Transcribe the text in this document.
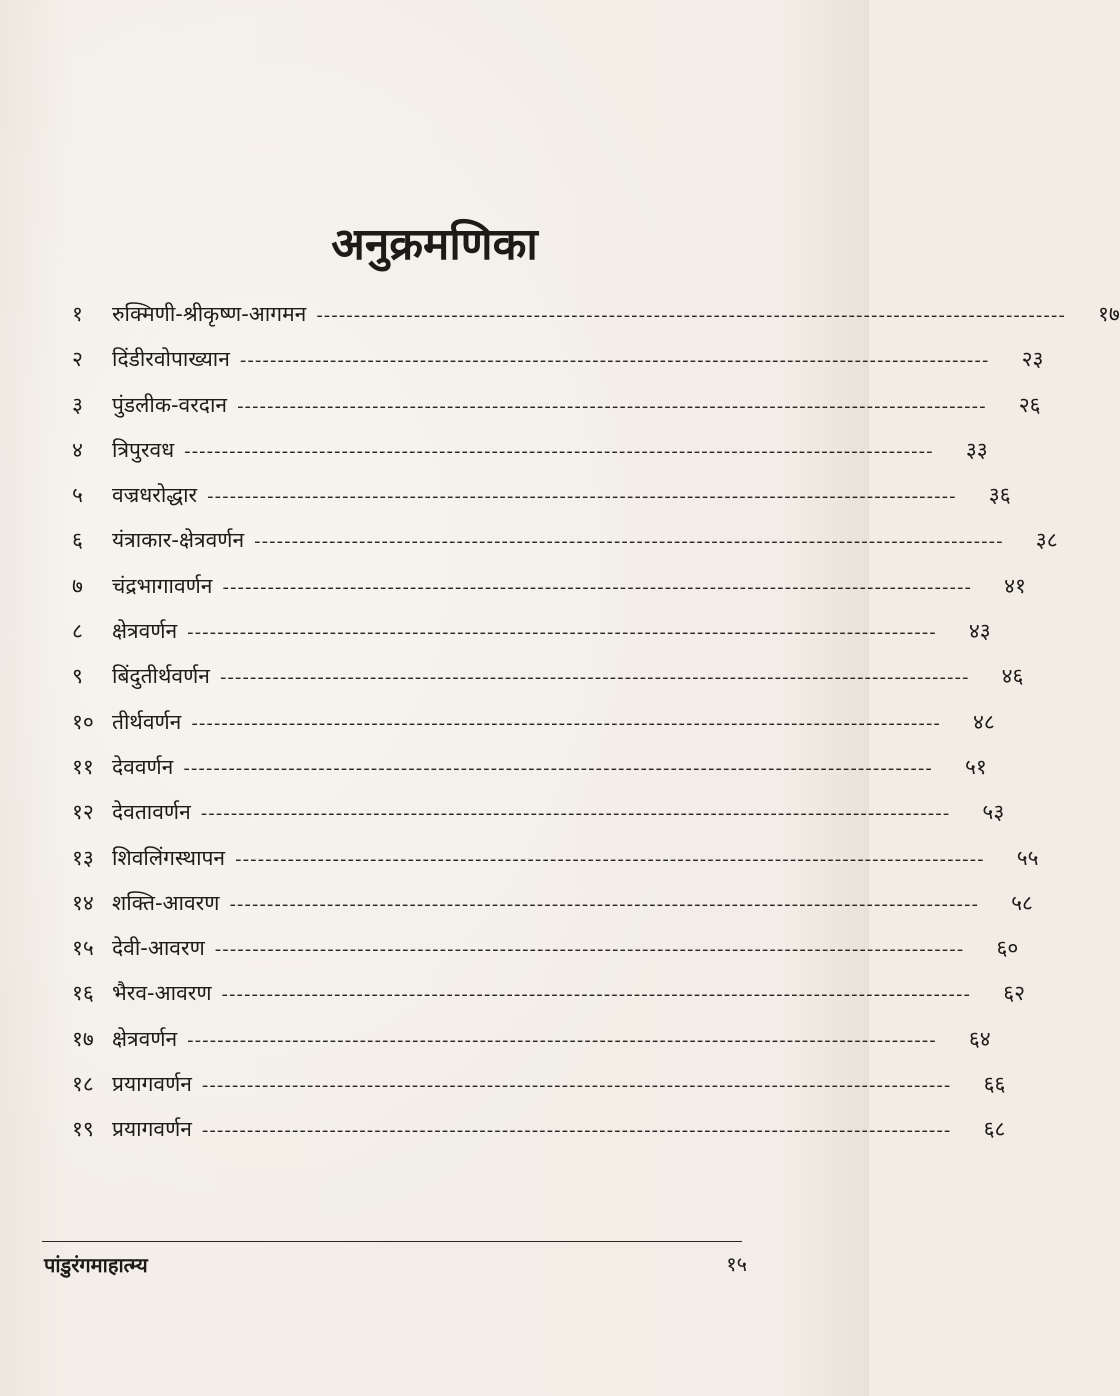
अनुक्रमणिका
१	रुक्मिणी-श्रीकृष्ण-आगमन ----------------------------------------------------------------------------------------------------	१७
२	दिंडीरवोपाख्यान ----------------------------------------------------------------------------------------------------	२३
३	पुंडलीक-वरदान ----------------------------------------------------------------------------------------------------	२६
४	त्रिपुरवध ----------------------------------------------------------------------------------------------------	३३
५	वज्रधरोद्धार ----------------------------------------------------------------------------------------------------	३६
६	यंत्राकार-क्षेत्रवर्णन ----------------------------------------------------------------------------------------------------	३८
७	चंद्रभागावर्णन ----------------------------------------------------------------------------------------------------	४१
८	क्षेत्रवर्णन ----------------------------------------------------------------------------------------------------	४३
९	बिंदुतीर्थवर्णन ----------------------------------------------------------------------------------------------------	४६
१० तीर्थवर्णन ----------------------------------------------------------------------------------------------------	४८
११ देववर्णन ----------------------------------------------------------------------------------------------------	५१
१२ देवतावर्णन ----------------------------------------------------------------------------------------------------	५३
१३ शिवलिंगस्थापन ----------------------------------------------------------------------------------------------------	५५
१४ शक्ति-आवरण ----------------------------------------------------------------------------------------------------	५८
१५ देवी-आवरण ----------------------------------------------------------------------------------------------------	६०
१६ भैरव-आवरण ----------------------------------------------------------------------------------------------------	६२
१७ क्षेत्रवर्णन ----------------------------------------------------------------------------------------------------	६४
१८ प्रयागवर्णन ----------------------------------------------------------------------------------------------------	६६
१९ प्रयागवर्णन ----------------------------------------------------------------------------------------------------	६८
पांडुरंगमाहात्म्य	१५
